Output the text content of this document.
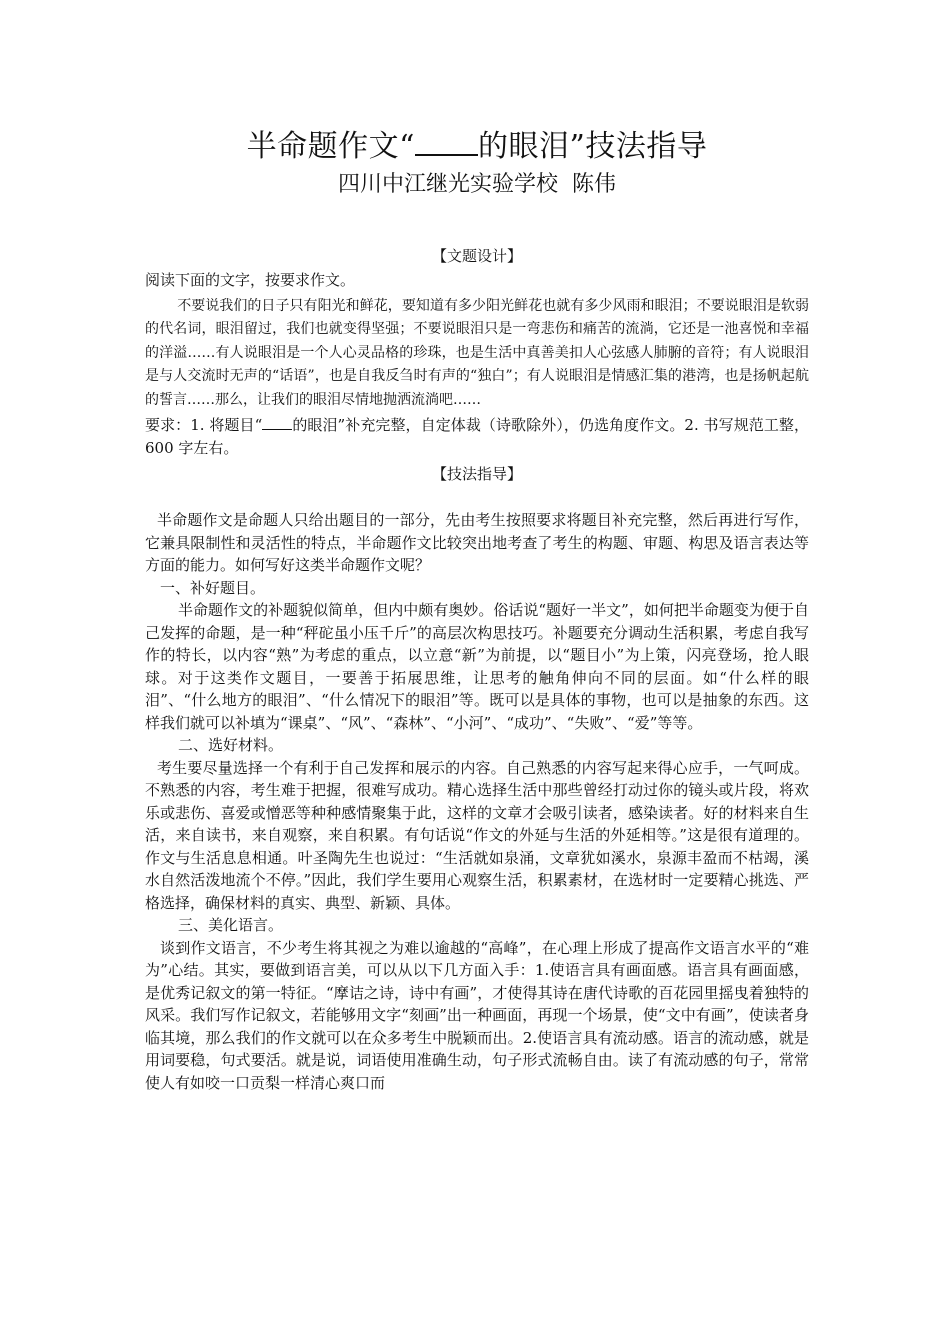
半命题作文“ 的眼泪”技法指导
四川中江继光实验学校  陈伟

【文题设计】

阅读下面的文字，按要求作文。

不要说我们的日子只有阳光和鲜花，要知道有多少阳光鲜花也就有多少风雨和眼泪；不要说眼泪是软弱的代名词，眼泪留过，我们也就变得坚强；不要说眼泪只是一弯悲伤和痛苦的流淌，它还是一池喜悦和幸福的洋溢……有人说眼泪是一个人心灵品格的珍珠，也是生活中真善美扣人心弦感人肺腑的音符；有人说眼泪是与人交流时无声的“话语”，也是自我反刍时有声的“独白”；有人说眼泪是情感汇集的港湾，也是扬帆起航的誓言……那么，让我们的眼泪尽情地抛洒流淌吧……

要求：1. 将题目“ 的眼泪”补充完整，自定体裁（诗歌除外），仍选角度作文。2. 书写规范工整，600 字左右。

【技法指导】

半命题作文是命题人只给出题目的一部分，先由考生按照要求将题目补充完整，然后再进行写作，它兼具限制性和灵活性的特点，半命题作文比较突出地考查了考生的构题、审题、构思及语言表达等方面的能力。如何写好这类半命题作文呢？

一、补好题目。

半命题作文的补题貌似简单，但内中颇有奥妙。俗话说“题好一半文”，如何把半命题变为便于自己发挥的命题，是一种“秤砣虽小压千斤”的高层次构思技巧。补题要充分调动生活积累，考虑自我写作的特长，以内容“熟”为考虑的重点，以立意“新”为前提，以“题目小”为上策，闪亮登场，抢人眼球。对于这类作文题目，一要善于拓展思维，让思考的触角伸向不同的层面。如“什么样的眼泪”、“什么地方的眼泪”、“什么情况下的眼泪”等。既可以是具体的事物，也可以是抽象的东西。这样我们就可以补填为“课桌”、“风”、“森林”、“小河”、“成功”、“失败”、“爱”等等。

二、选好材料。

考生要尽量选择一个有利于自己发挥和展示的内容。自己熟悉的内容写起来得心应手，一气呵成。不熟悉的内容，考生难于把握，很难写成功。精心选择生活中那些曾经打动过你的镜头或片段，将欢乐或悲伤、喜爱或憎恶等种种感情聚集于此，这样的文章才会吸引读者，感染读者。好的材料来自生活，来自读书，来自观察，来自积累。有句话说“作文的外延与生活的外延相等。”这是很有道理的。作文与生活息息相通。叶圣陶先生也说过：“生活就如泉涌，文章犹如溪水，泉源丰盈而不枯竭，溪水自然活泼地流个不停。”因此，我们学生要用心观察生活，积累素材，在选材时一定要精心挑选、严格选择，确保材料的真实、典型、新颖、具体。

三、美化语言。

谈到作文语言，不少考生将其视之为难以逾越的“高峰”，在心理上形成了提高作文语言水平的“难为”心结。其实，要做到语言美，可以从以下几方面入手：1.使语言具有画面感。语言具有画面感，是优秀记叙文的第一特征。“摩诘之诗，诗中有画”，才使得其诗在唐代诗歌的百花园里摇曳着独特的风采。我们写作记叙文，若能够用文字“刻画”出一种画面，再现一个场景，使“文中有画”，使读者身临其境，那么我们的作文就可以在众多考生中脱颖而出。2.使语言具有流动感。语言的流动感，就是用词要稳，句式要活。就是说，词语使用准确生动，句子形式流畅自由。读了有流动感的句子，常常使人有如咬一口贡梨一样清心爽口而
